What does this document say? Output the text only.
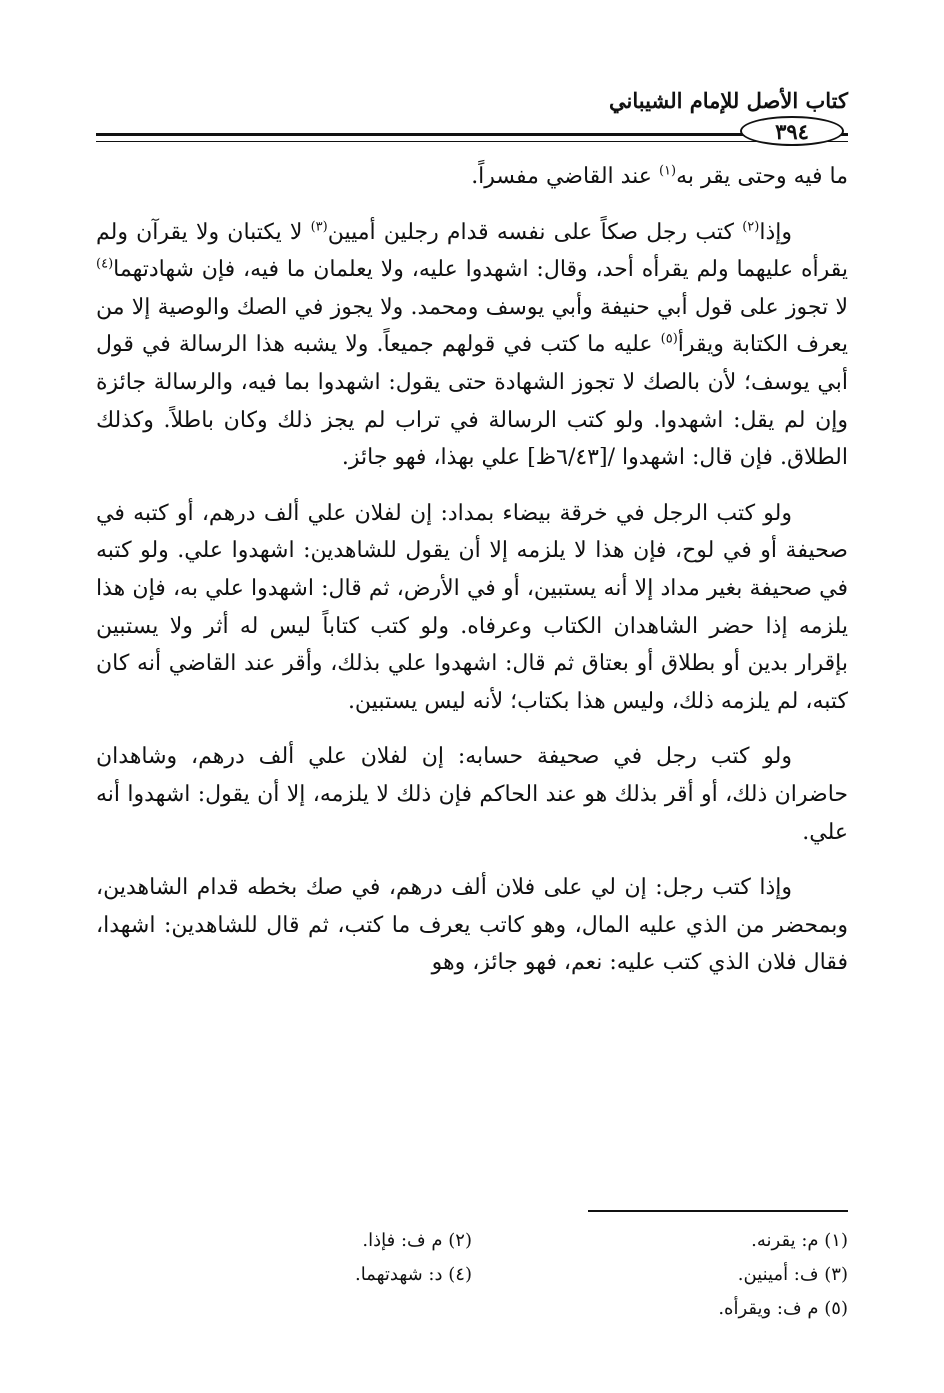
كتاب الأصل للإمام الشيباني
٣٩٤

ما فيه وحتى يقر به$^{(١)}$ عند القاضي مفسراً.

وإذا$^{(٢)}$ كتب رجل صكاً على نفسه قدام رجلين أميين$^{(٣)}$ لا يكتبان ولا يقرآن ولم يقرأه عليهما ولم يقرأه أحد، وقال: اشهدوا عليه، ولا يعلمان ما فيه، فإن شهادتهما$^{(٤)}$ لا تجوز على قول أبي حنيفة وأبي يوسف ومحمد. ولا يجوز في الصك والوصية إلا من يعرف الكتابة ويقرأ$^{(٥)}$ عليه ما كتب في قولهم جميعاً. ولا يشبه هذا الرسالة في قول أبي يوسف؛ لأن بالصك لا تجوز الشهادة حتى يقول: اشهدوا بما فيه، والرسالة جائزة وإن لم يقل: اشهدوا. ولو كتب الرسالة في تراب لم يجز ذلك وكان باطلاً. وكذلك الطلاق. فإن قال: اشهدوا /[٦/٤٣ظ] علي بهذا، فهو جائز.

ولو كتب الرجل في خرقة بيضاء بمداد: إن لفلان علي ألف درهم، أو كتبه في صحيفة أو في لوح، فإن هذا لا يلزمه إلا أن يقول للشاهدين: اشهدوا علي. ولو كتبه في صحيفة بغير مداد إلا أنه يستبين، أو في الأرض، ثم قال: اشهدوا علي به، فإن هذا يلزمه إذا حضر الشاهدان الكتاب وعرفاه. ولو كتب كتاباً ليس له أثر ولا يستبين بإقرار بدين أو بطلاق أو بعتاق ثم قال: اشهدوا علي بذلك، وأقر عند القاضي أنه كان كتبه، لم يلزمه ذلك، وليس هذا بكتاب؛ لأنه ليس يستبين.

ولو كتب رجل في صحيفة حسابه: إن لفلان علي ألف درهم، وشاهدان حاضران ذلك، أو أقر بذلك هو عند الحاكم فإن ذلك لا يلزمه، إلا أن يقول: اشهدوا أنه علي.

وإذا كتب رجل: إن لي على فلان ألف درهم، في صك بخطه قدام الشاهدين، وبمحضر من الذي عليه المال، وهو كاتب يعرف ما كتب، ثم قال للشاهدين: اشهدا، فقال فلان الذي كتب عليه: نعم، فهو جائز، وهو

(١) م: يقرنه.
(٢) م ف: فإذا.
(٣) ف: أمينين.
(٤) د: شهدتهما.
(٥) م ف: ويقرأه.
